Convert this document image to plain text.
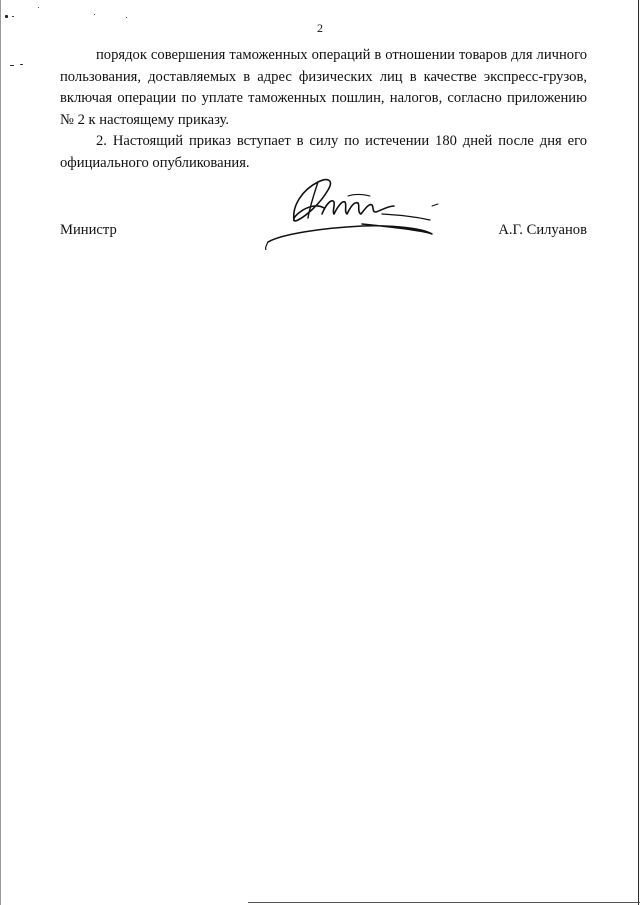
2

порядок совершения таможенных операций в отношении товаров для личного пользования, доставляемых в адрес физических лиц в качестве экспресс-грузов, включая операции по уплате таможенных пошлин, налогов, согласно приложению № 2 к настоящему приказу.

2. Настоящий приказ вступает в силу по истечении 180 дней после дня его официального опубликования.

Министр	А.Г. Силуанов
